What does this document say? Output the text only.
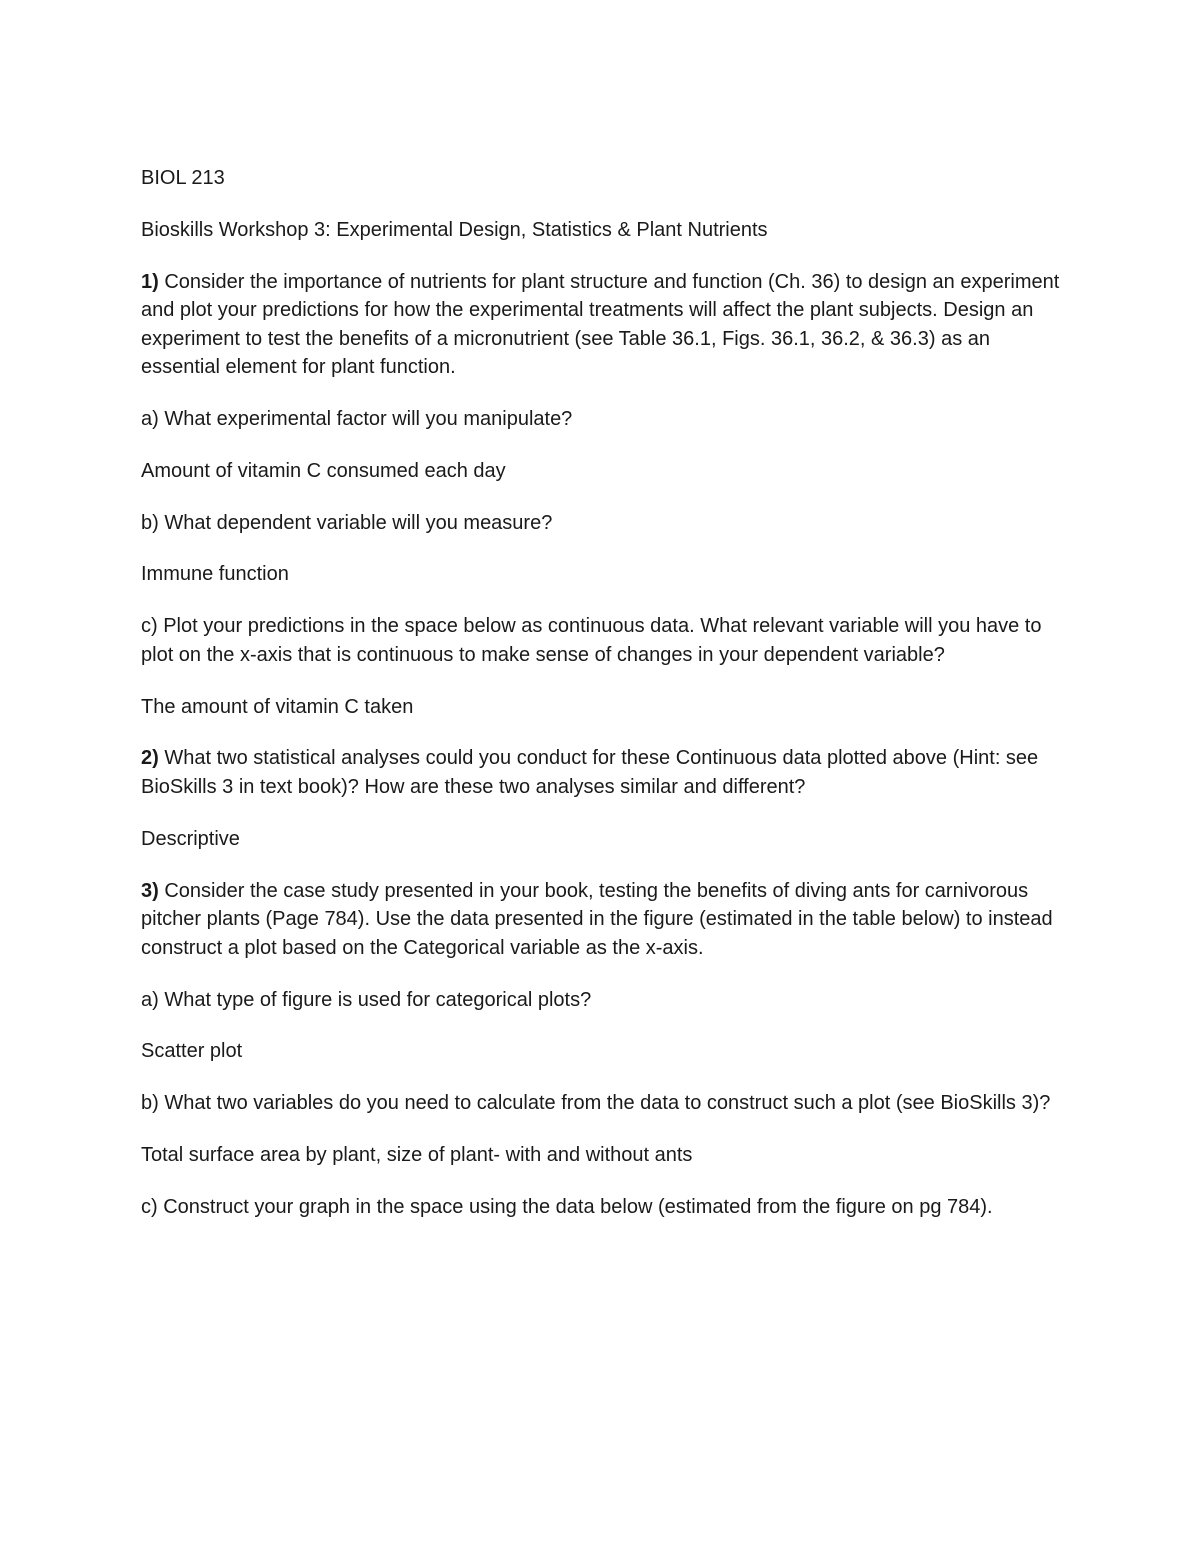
BIOL 213

Bioskills Workshop 3: Experimental Design, Statistics & Plant Nutrients

1) Consider the importance of nutrients for plant structure and function (Ch. 36) to design an experiment and plot your predictions for how the experimental treatments will affect the plant subjects. Design an experiment to test the benefits of a micronutrient (see Table 36.1, Figs. 36.1, 36.2, & 36.3) as an essential element for plant function.

a) What experimental factor will you manipulate?

Amount of vitamin C consumed each day

b) What dependent variable will you measure?

Immune function

c) Plot your predictions in the space below as continuous data. What relevant variable will you have to plot on the x-axis that is continuous to make sense of changes in your dependent variable?

The amount of vitamin C taken

2) What two statistical analyses could you conduct for these Continuous data plotted above (Hint: see BioSkills 3 in text book)? How are these two analyses similar and different?

Descriptive

3) Consider the case study presented in your book, testing the benefits of diving ants for carnivorous pitcher plants (Page 784). Use the data presented in the figure (estimated in the table below) to instead construct a plot based on the Categorical variable as the x-axis.

a) What type of figure is used for categorical plots?

Scatter plot

b) What two variables do you need to calculate from the data to construct such a plot (see BioSkills 3)?

Total surface area by plant, size of plant- with and without ants

c) Construct your graph in the space using the data below (estimated from the figure on pg 784).
